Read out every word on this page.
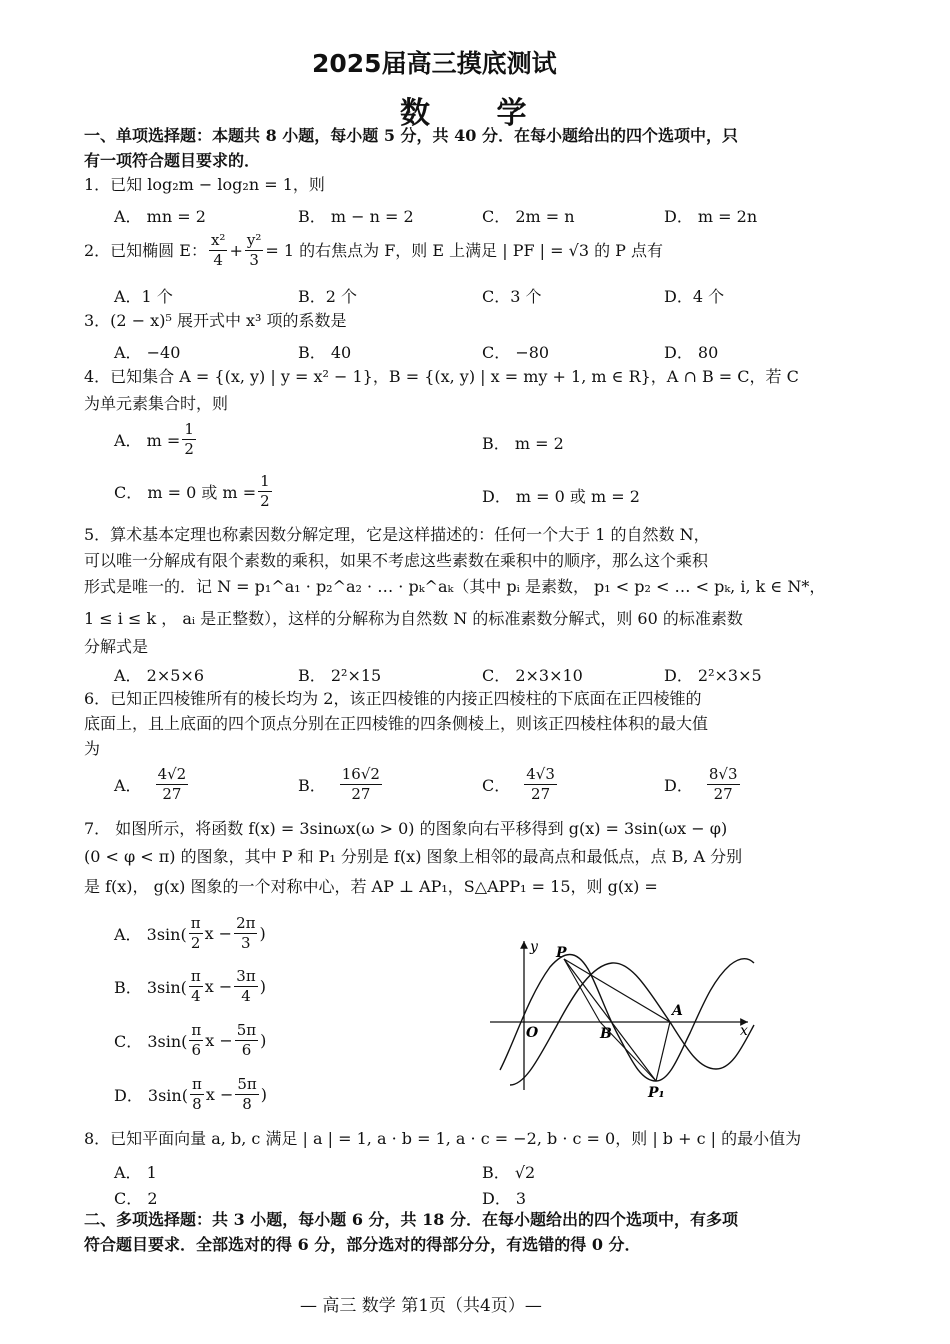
2025届高三摸底测试
数 学
一、单项选择题：本题共 8 小题，每小题 5 分，共 40 分．在每小题给出的四个选项中，只
有一项符合题目要求的．
1．已知 log₂m − log₂n = 1，则
A． mn = 2	B． m − n = 2	C． 2m = n	D． m = 2n
2．已知椭圆 E： $\frac{\text{x²}}{4} + \frac{\text{y²}}{3} = 1$ 的右焦点为 F，则 E 上满足 | PF | = √3 的 P 点有
A．1 个	B．2 个	C．3 个	D．4 个
3．(2 − x)⁵ 展开式中 x³ 项的系数是
A． −40	B． 40	C． −80	D． 80
4．已知集合 A = {(x, y) | y = x² − 1}，B = {(x, y) | x = my + 1, m ∈ R}，A ∩ B = C，若 C
为单元素集合时，则
A． $m = \frac{1}{2}$	B． m = 2
C． m = 0 或 $m = \frac{1}{2}$	D． m = 0 或 m = 2
5．算术基本定理也称素因数分解定理，它是这样描述的：任何一个大于 1 的自然数 N，
可以唯一分解成有限个素数的乘积，如果不考虑这些素数在乘积中的顺序，那么这个乘积
形式是唯一的．记 N = p₁^a₁ · p₂^a₂ · … · pₖ^aₖ（其中 pᵢ 是素数， p₁ < p₂ < … < pₖ, i, k ∈ N*，
1 ≤ i ≤ k ， aᵢ 是正整数），这样的分解称为自然数 N 的标准素数分解式，则 60 的标准素数
分解式是
A． 2×5×6	B． 2²×15	C． 2×3×10	D． 2²×3×5
6．已知正四棱锥所有的棱长均为 2，该正四棱锥的内接正四棱柱的下底面在正四棱锥的
底面上，且上底面的四个顶点分别在正四棱锥的四条侧棱上，则该正四棱柱体积的最大值
为
A． $\frac{4√2}{27}$	B． $\frac{16√2}{27}$	C． $\frac{4√3}{27}$	D． $\frac{8√3}{27}$
7． 如图所示，将函数 f(x) = 3sinωx(ω > 0) 的图象向右平移得到 g(x) = 3sin(ωx − φ)
(0 < φ < π) 的图象，其中 P 和 P₁ 分别是 f(x) 图象上相邻的最高点和最低点，点 B, A 分别
是 f(x)， g(x) 图象的一个对称中心，若 AP ⊥ AP₁，S△APP₁ = 15，则 g(x) =
A． $3\sin( \frac{\pi}{2}$ $x - \frac{2\pi}{3}$ )
B． $3\sin( \frac{\pi}{4}$ $x - \frac{3\pi}{4}$ )
C． $3\sin( \frac{\pi}{6}$ $x - \frac{5\pi}{6}$ )
D． $3\sin( \frac{\pi}{8}$ $x - \frac{5\pi}{8}$ )
y
x
O
P
B
A
P₁
8．已知平面向量 a, b, c 满足 | a | = 1, a · b = 1, a · c = −2, b · c = 0，则 | b + c | 的最小值为
A． 1	B． √2
C． 2	D． 3
二、多项选择题：共 3 小题，每小题 6 分，共 18 分．在每小题给出的四个选项中，有多项
符合题目要求．全部选对的得 6 分，部分选对的得部分分，有选错的得 0 分．
— 高三 数学 第1页（共4页）—
